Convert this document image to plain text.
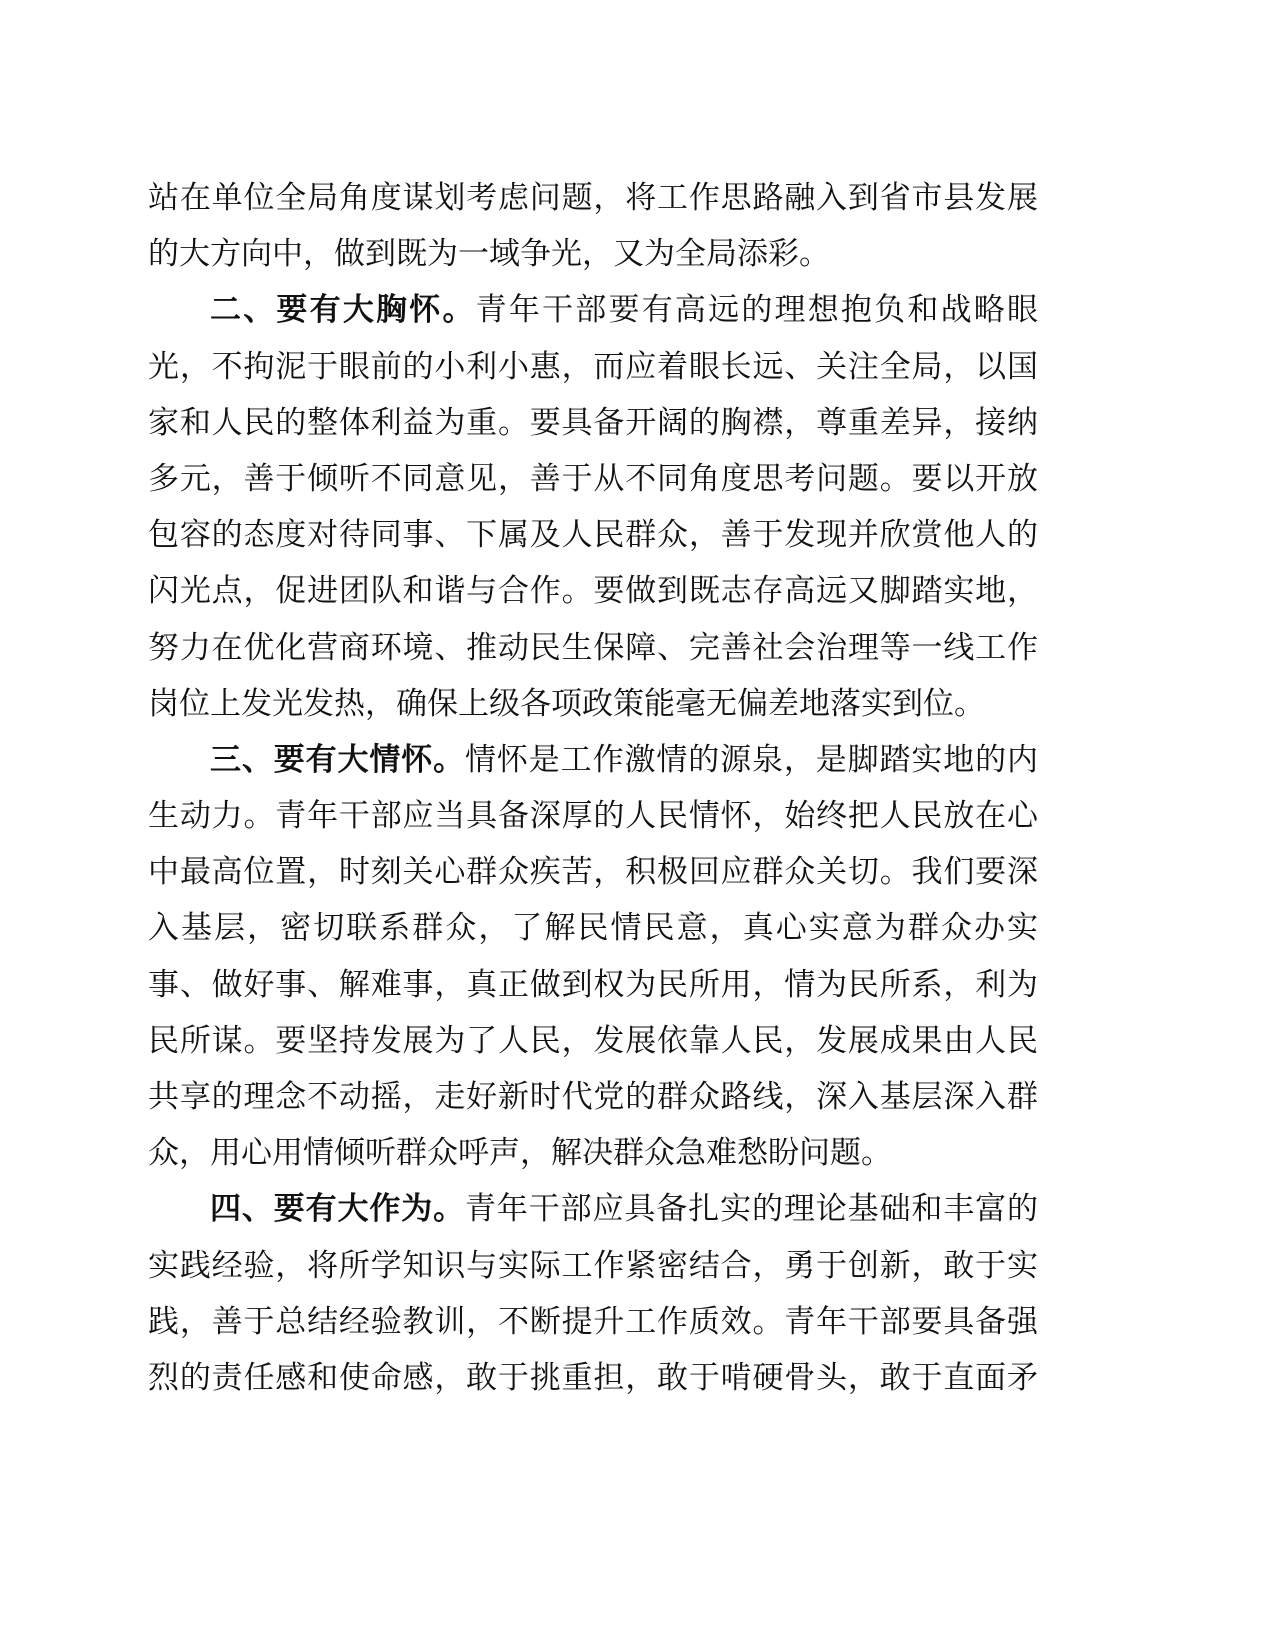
站在单位全局角度谋划考虑问题，将工作思路融入到省市县发展
的大方向中，做到既为一域争光，又为全局添彩。
二、要有大胸怀。青年干部要有高远的理想抱负和战略眼
光，不拘泥于眼前的小利小惠，而应着眼长远、关注全局，以国
家和人民的整体利益为重。要具备开阔的胸襟，尊重差异，接纳
多元，善于倾听不同意见，善于从不同角度思考问题。要以开放
包容的态度对待同事、下属及人民群众，善于发现并欣赏他人的
闪光点，促进团队和谐与合作。要做到既志存高远又脚踏实地，
努力在优化营商环境、推动民生保障、完善社会治理等一线工作
岗位上发光发热，确保上级各项政策能毫无偏差地落实到位。
三、要有大情怀。情怀是工作激情的源泉，是脚踏实地的内
生动力。青年干部应当具备深厚的人民情怀，始终把人民放在心
中最高位置，时刻关心群众疾苦，积极回应群众关切。我们要深
入基层，密切联系群众，了解民情民意，真心实意为群众办实
事、做好事、解难事，真正做到权为民所用，情为民所系，利为
民所谋。要坚持发展为了人民，发展依靠人民，发展成果由人民
共享的理念不动摇，走好新时代党的群众路线，深入基层深入群
众，用心用情倾听群众呼声，解决群众急难愁盼问题。
四、要有大作为。青年干部应具备扎实的理论基础和丰富的
实践经验，将所学知识与实际工作紧密结合，勇于创新，敢于实
践，善于总结经验教训，不断提升工作质效。青年干部要具备强
烈的责任感和使命感，敢于挑重担，敢于啃硬骨头，敢于直面矛
